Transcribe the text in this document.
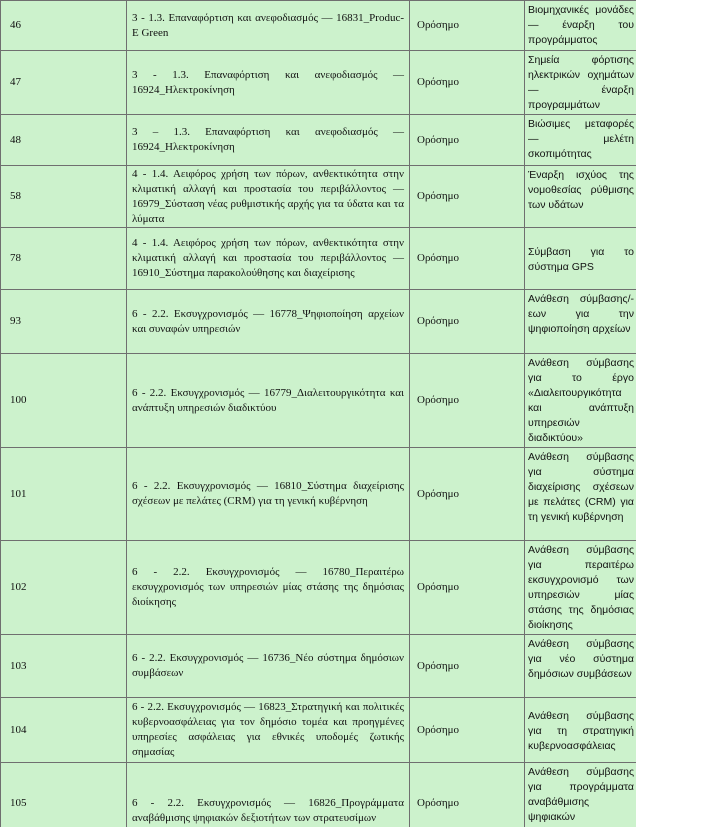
46	3 - 1.3. Επαναφόρτιση και ανεφοδιασμός — 16831_Produc-E Green	Ορόσημο	Βιομηχανικές μονάδες — έναρξη του προγράμματος
47	3 - 1.3. Επαναφόρτιση και ανεφοδιασμός — 16924_Ηλεκτροκίνηση	Ορόσημο	Σημεία φόρτισης ηλεκτρικών οχημάτων — έναρξη προγραμμάτων
48	3 – 1.3. Επαναφόρτιση και ανεφοδιασμός — 16924_Ηλεκτροκίνηση	Ορόσημο	Βιώσιμες μεταφορές — μελέτη σκοπιμότητας
58	4 - 1.4. Αειφόρος χρήση των πόρων, ανθεκτικότητα στην κλιματική αλλαγή και προστασία του περιβάλλοντος — 16979_Σύσταση νέας ρυθμιστικής αρχής για τα ύδατα και τα λύματα	Ορόσημο	Έναρξη ισχύος της νομοθεσίας ρύθμισης των υδάτων
78	4 - 1.4. Αειφόρος χρήση των πόρων, ανθεκτικότητα στην κλιματική αλλαγή και προστασία του περιβάλλοντος — 16910_Σύστημα παρακολούθησης και διαχείρισης	Ορόσημο	Σύμβαση για το σύστημα GPS
93	6 - 2.2. Εκσυγχρονισμός — 16778_Ψηφιοποίηση αρχείων και συναφών υπηρεσιών	Ορόσημο	Ανάθεση σύμβασης/-εων για την ψηφιοποίηση αρχείων
100	6 - 2.2. Εκσυγχρονισμός — 16779_Διαλειτουργικότητα και ανάπτυξη υπηρεσιών διαδικτύου	Ορόσημο	Ανάθεση σύμβασης για το έργο «Διαλειτουργικότητα και ανάπτυξη υπηρεσιών διαδικτύου»
101	6 - 2.2. Εκσυγχρονισμός — 16810_Σύστημα διαχείρισης σχέσεων με πελάτες (CRM) για τη γενική κυβέρνηση	Ορόσημο	Ανάθεση σύμβασης για σύστημα διαχείρισης σχέσεων με πελάτες (CRM) για τη γενική κυβέρνηση
102	6 - 2.2. Εκσυγχρονισμός — 16780_Περαιτέρω εκσυγχρονισμός των υπηρεσιών μίας στάσης της δημόσιας διοίκησης	Ορόσημο	Ανάθεση σύμβασης για περαιτέρω εκσυγχρονισμό των υπηρεσιών μίας στάσης της δημόσιας διοίκησης
103	6 - 2.2. Εκσυγχρονισμός — 16736_Νέο σύστημα δημόσιων συμβάσεων	Ορόσημο	Ανάθεση σύμβασης για νέο σύστημα δημόσιων συμβάσεων
104	6 - 2.2. Εκσυγχρονισμός — 16823_Στρατηγική και πολιτικές κυβερνοασφάλειας για τον δημόσιο τομέα και προηγμένες υπηρεσίες ασφάλειας για εθνικές υποδομές ζωτικής σημασίας	Ορόσημο	Ανάθεση σύμβασης για τη στρατηγική κυβερνοασφάλειας
105	6 - 2.2. Εκσυγχρονισμός — 16826_Προγράμματα αναβάθμισης ψηφιακών δεξιοτήτων των στρατευσίμων	Ορόσημο	Ανάθεση σύμβασης για προγράμματα αναβάθμισης ψηφιακών
